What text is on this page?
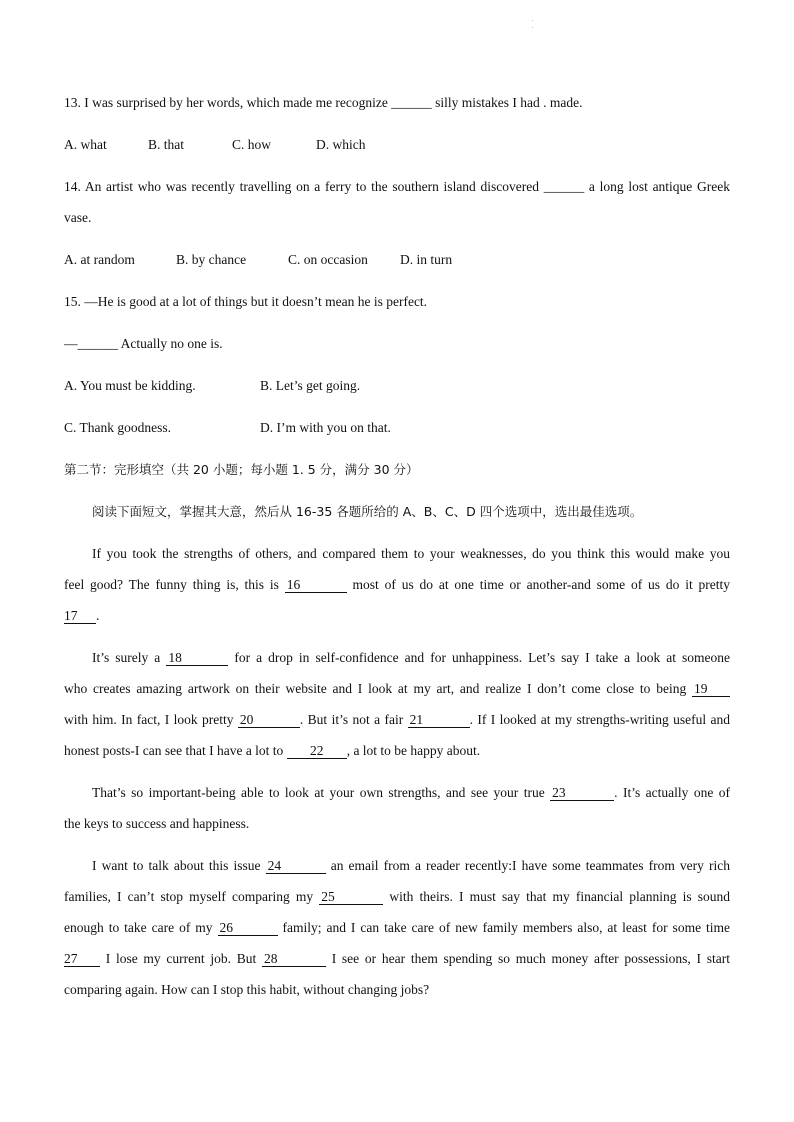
13. I was surprised by her words, which made me recognize ______ silly mistakes I had . made.
A. what	B. that	C. how	D. which
14. An artist who was recently travelling on a ferry to the southern island discovered ______ a long lost antique Greek
vase.
A. at random	B. by chance	C. on occasion D. in turn
15. —He is good at a lot of things but it doesn’t mean he is perfect.
—______ Actually no one is.
A. You must be kidding.	B. Let’s get going.
C. Thank goodness.	D. I’m with you on that.
第二节：完形填空（共 20 小题；每小题 1. 5 分，满分 30 分）
阅读下面短文，掌握其大意，然后从 16-35 各题所给的 A、B、C、D 四个选项中，选出最佳选项。
If you took the strengths of others, and compared them to your weaknesses, do you think this would make you
feel good? The funny thing is, this is 16	most of us do at one time or another-and some of us do it pretty
17 .
It’s surely a 18	for a drop in self-confidence and for unhappiness. Let’s say I take a look at someone
who creates amazing artwork on their website and I look at my art, and realize I don’t come close to being 19
with him. In fact, I look pretty 20	. But it’s not a fair 21	. If I looked at my strengths-writing useful and
honest posts-I can see that I have a lot to 22 , a lot to be happy about.
That’s so important-being able to look at your own strengths, and see your true 23	. It’s actually one of
the keys to success and happiness.
I want to talk about this issue 24	an email from a reader recently:I have some teammates from very rich
families, I can’t stop myself comparing my 25	with theirs. I must say that my financial planning is sound
enough to take care of my 26	family; and I can take care of new family members also, at least for some time
27 I lose my current job. But 28	I see or hear them spending so much money after possessions, I start
comparing again. How can I stop this habit, without changing jobs?
